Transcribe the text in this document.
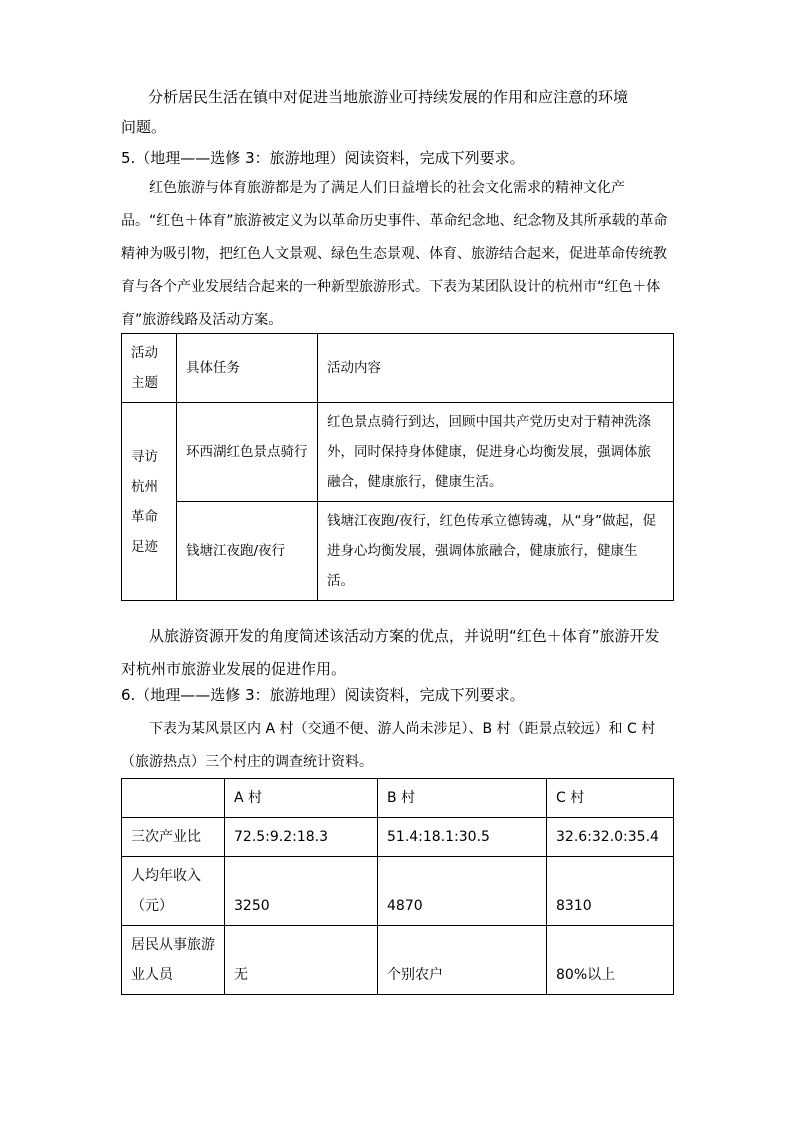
分析居民生活在镇中对促进当地旅游业可持续发展的作用和应注意的环境
问题。
5.（地理——选修 3：旅游地理）阅读资料，完成下列要求。
红色旅游与体育旅游都是为了满足人们日益增长的社会文化需求的精神文化产品。“红色＋体育”旅游被定义为以革命历史事件、革命纪念地、纪念物及其所承载的革命精神为吸引物，把红色人文景观、绿色生态景观、体育、旅游结合起来，促进革命传统教育与各个产业发展结合起来的一种新型旅游形式。下表为某团队设计的杭州市“红色＋体育”旅游线路及活动方案。
活动主题	具体任务	活动内容
寻访杭州革命足迹	环西湖红色景点骑行	红色景点骑行到达，回顾中国共产党历史对于精神洗涤外，同时保持身体健康，促进身心均衡发展，强调体旅融合，健康旅行，健康生活。
	钱塘江夜跑/夜行	钱塘江夜跑/夜行，红色传承立德铸魂，从“身”做起，促进身心均衡发展，强调体旅融合，健康旅行，健康生活。
从旅游资源开发的角度简述该活动方案的优点，并说明“红色＋体育”旅游开发对杭州市旅游业发展的促进作用。
6.（地理——选修 3：旅游地理）阅读资料，完成下列要求。
下表为某风景区内 A 村（交通不便、游人尚未涉足）、B 村（距景点较远）和 C 村（旅游热点）三个村庄的调查统计资料。
	A 村	B 村	C 村
三次产业比	72.5:9.2:18.3	51.4:18.1:30.5	32.6:32.0:35.4
人均年收入（元）	3250	4870	8310
居民从事旅游业人员	无	个别农户	80%以上
